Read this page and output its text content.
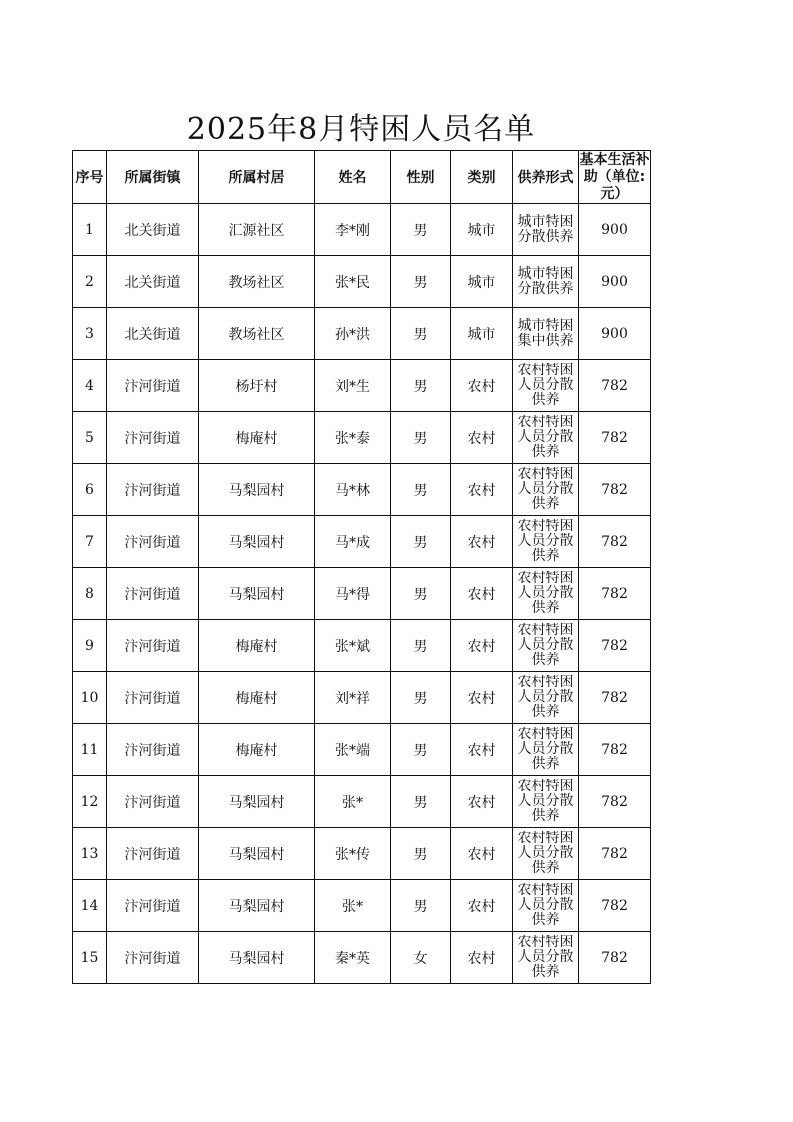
2025年8月特困人员名单
序号	所属街镇	所属村居	姓名	性别	类别	供养形式	基本生活补助（单位:元）
1	北关街道	汇源社区	李*刚	男	城市	城市特困分散供养	900
2	北关街道	教场社区	张*民	男	城市	城市特困分散供养	900
3	北关街道	教场社区	孙*洪	男	城市	城市特困集中供养	900
4	汴河街道	杨圩村	刘*生	男	农村	农村特困人员分散供养	782
5	汴河街道	梅庵村	张*泰	男	农村	农村特困人员分散供养	782
6	汴河街道	马梨园村	马*林	男	农村	农村特困人员分散供养	782
7	汴河街道	马梨园村	马*成	男	农村	农村特困人员分散供养	782
8	汴河街道	马梨园村	马*得	男	农村	农村特困人员分散供养	782
9	汴河街道	梅庵村	张*斌	男	农村	农村特困人员分散供养	782
10	汴河街道	梅庵村	刘*祥	男	农村	农村特困人员分散供养	782
11	汴河街道	梅庵村	张*端	男	农村	农村特困人员分散供养	782
12	汴河街道	马梨园村	张*	男	农村	农村特困人员分散供养	782
13	汴河街道	马梨园村	张*传	男	农村	农村特困人员分散供养	782
14	汴河街道	马梨园村	张*	男	农村	农村特困人员分散供养	782
15	汴河街道	马梨园村	秦*英	女	农村	农村特困人员分散供养	782
